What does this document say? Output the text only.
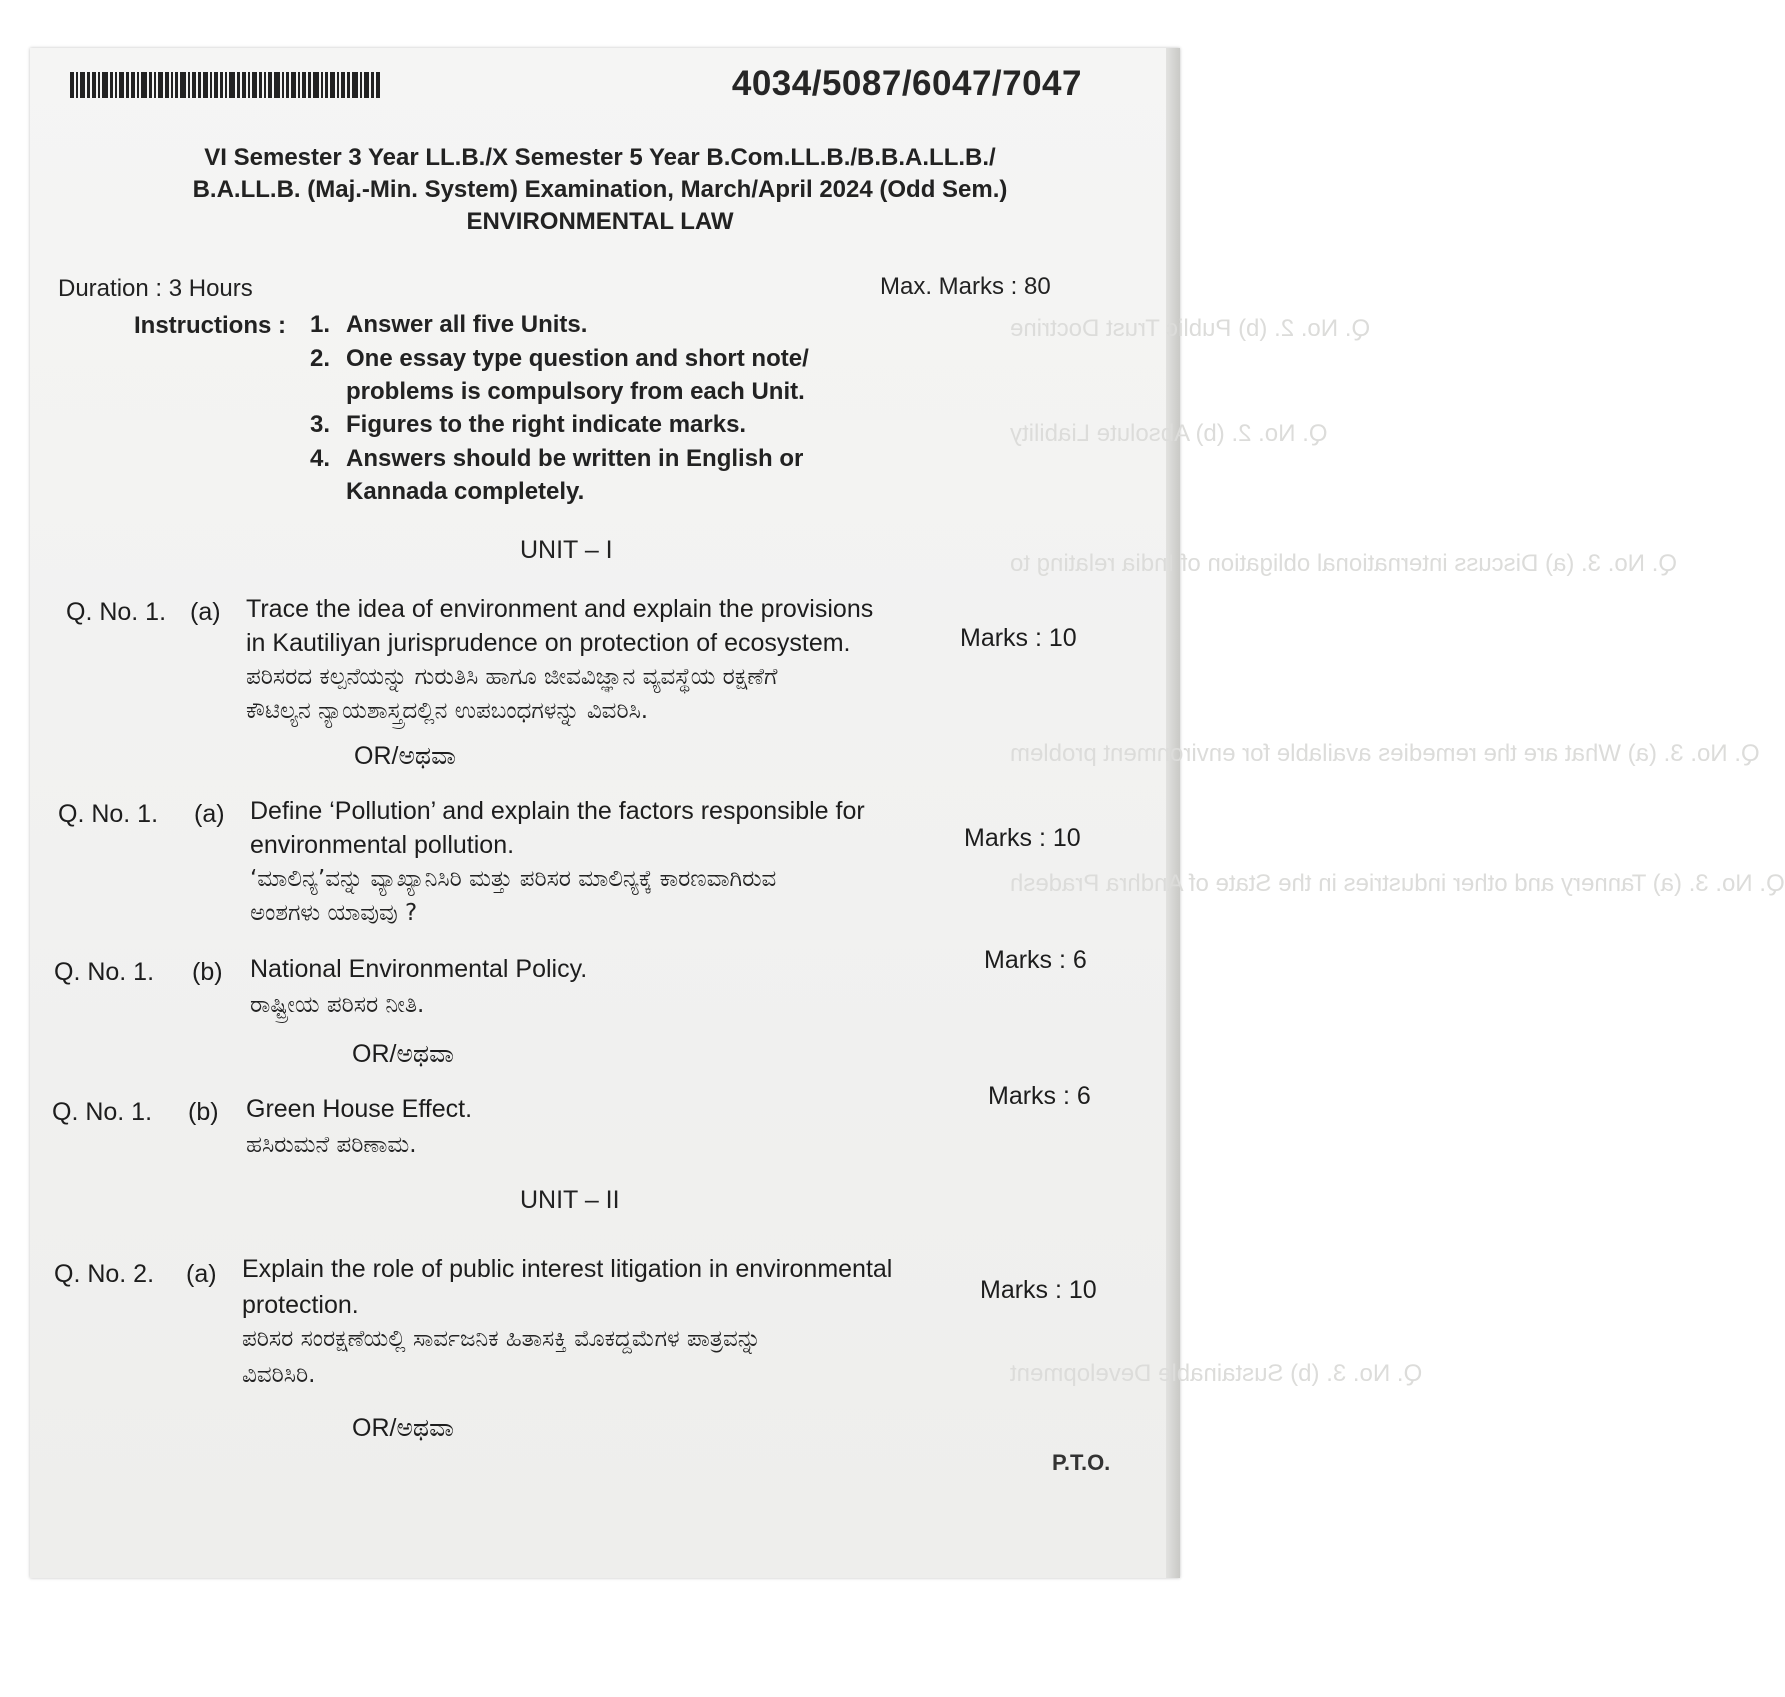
Q. No. 2. (b) Public Trust Doctrine
Q. No. 2. (b) Absolute Liability
Q. No. 3. (a) Discuss international obligation of India relating to
Q. No. 3. (a) What are the remedies available for environment problem
Q. No. 3. (a) Tannery and other industries in the State of Andhra Pradesh
Q. No. 3. (b) Sustainable Development
4034/5087/6047/7047
VI Semester 3 Year LL.B./X Semester 5 Year B.Com.LL.B./B.B.A.LL.B./
B.A.LL.B. (Maj.-Min. System) Examination, March/April 2024 (Odd Sem.)
ENVIRONMENTAL LAW
Duration : 3 Hours	Max. Marks : 80
Instructions : 1. Answer all five Units.
2. One essay type question and short note/
problems is compulsory from each Unit.
3. Figures to the right indicate marks.
4. Answers should be written in English or
Kannada completely.
UNIT – I
Q. No. 1. (a) Trace the idea of environment and explain the provisions
in Kautiliyan jurisprudence on protection of ecosystem.	Marks : 10
ಪರಿಸರದ ಕಲ್ಪನೆಯನ್ನು ಗುರುತಿಸಿ ಹಾಗೂ ಜೀವವಿಜ್ಞಾನ ವ್ಯವಸ್ಥೆಯ ರಕ್ಷಣೆಗೆ
ಕೌಟಿಲ್ಯನ ನ್ಯಾಯಶಾಸ್ತ್ರದಲ್ಲಿನ ಉಪಬಂಧಗಳನ್ನು ವಿವರಿಸಿ.
OR/ಅಥವಾ
Q. No. 1. (a) Define ‘Pollution’ and explain the factors responsible for
environmental pollution.	Marks : 10
‘ಮಾಲಿನ್ಯ’ವನ್ನು ವ್ಯಾಖ್ಯಾನಿಸಿರಿ ಮತ್ತು ಪರಿಸರ ಮಾಲಿನ್ಯಕ್ಕೆ ಕಾರಣವಾಗಿರುವ
ಅಂಶಗಳು ಯಾವುವು ?
Q. No. 1. (b) National Environmental Policy.	Marks : 6
ರಾಷ್ಟ್ರೀಯ ಪರಿಸರ ನೀತಿ.
OR/ಅಥವಾ
Q. No. 1. (b) Green House Effect.	Marks : 6
ಹಸಿರುಮನೆ ಪರಿಣಾಮ.
UNIT – II
Q. No. 2. (a) Explain the role of public interest litigation in environmental
protection.
Marks : 10
ಪರಿಸರ ಸಂರಕ್ಷಣೆಯಲ್ಲಿ ಸಾರ್ವಜನಿಕ ಹಿತಾಸಕ್ತಿ ಮೊಕದ್ದಮೆಗಳ ಪಾತ್ರವನ್ನು
ವಿವರಿಸಿರಿ.
OR/ಅಥವಾ
P.T.O.
